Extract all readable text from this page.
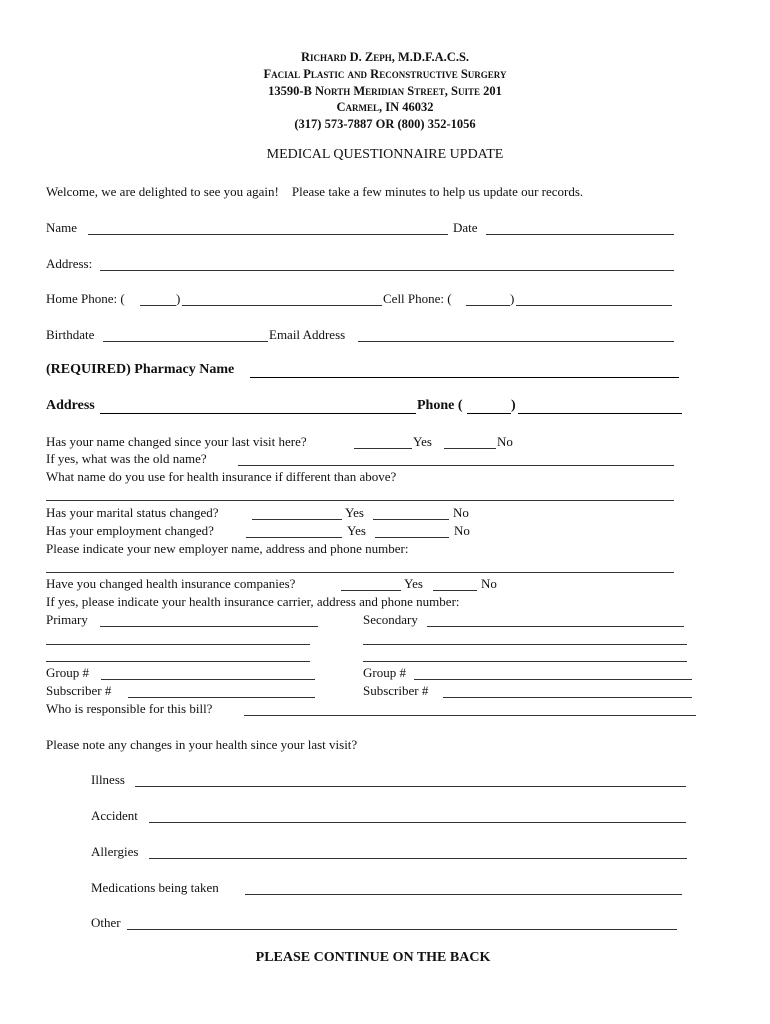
Richard D. Zeph, M.D.F.A.C.S.
Facial Plastic and Reconstructive Surgery
13590-B North Meridian Street, Suite 201
Carmel, IN 46032
(317) 573-7887 OR (800) 352-1056
MEDICAL QUESTIONNAIRE UPDATE
Welcome, we are delighted to see you again!    Please take a few minutes to help us update our records.
Name	Date
Address:
Home Phone: (	)	Cell Phone: (	)
Birthdate	Email Address
(REQUIRED) Pharmacy Name
Address	Phone (	)
Has your name changed since your last visit here?	Yes	No
If yes, what was the old name?
What name do you use for health insurance if different than above?
Has your marital status changed?	Yes	No
Has your employment changed?	Yes	No
Please indicate your new employer name, address and phone number:
Have you changed health insurance companies?	Yes	No
If yes, please indicate your health insurance carrier, address and phone number:
Primary	Secondary
Group #	Group #
Subscriber #	Subscriber #
Who is responsible for this bill?
Please note any changes in your health since your last visit?
Illness
Accident
Allergies
Medications being taken
Other
PLEASE CONTINUE ON THE BACK
